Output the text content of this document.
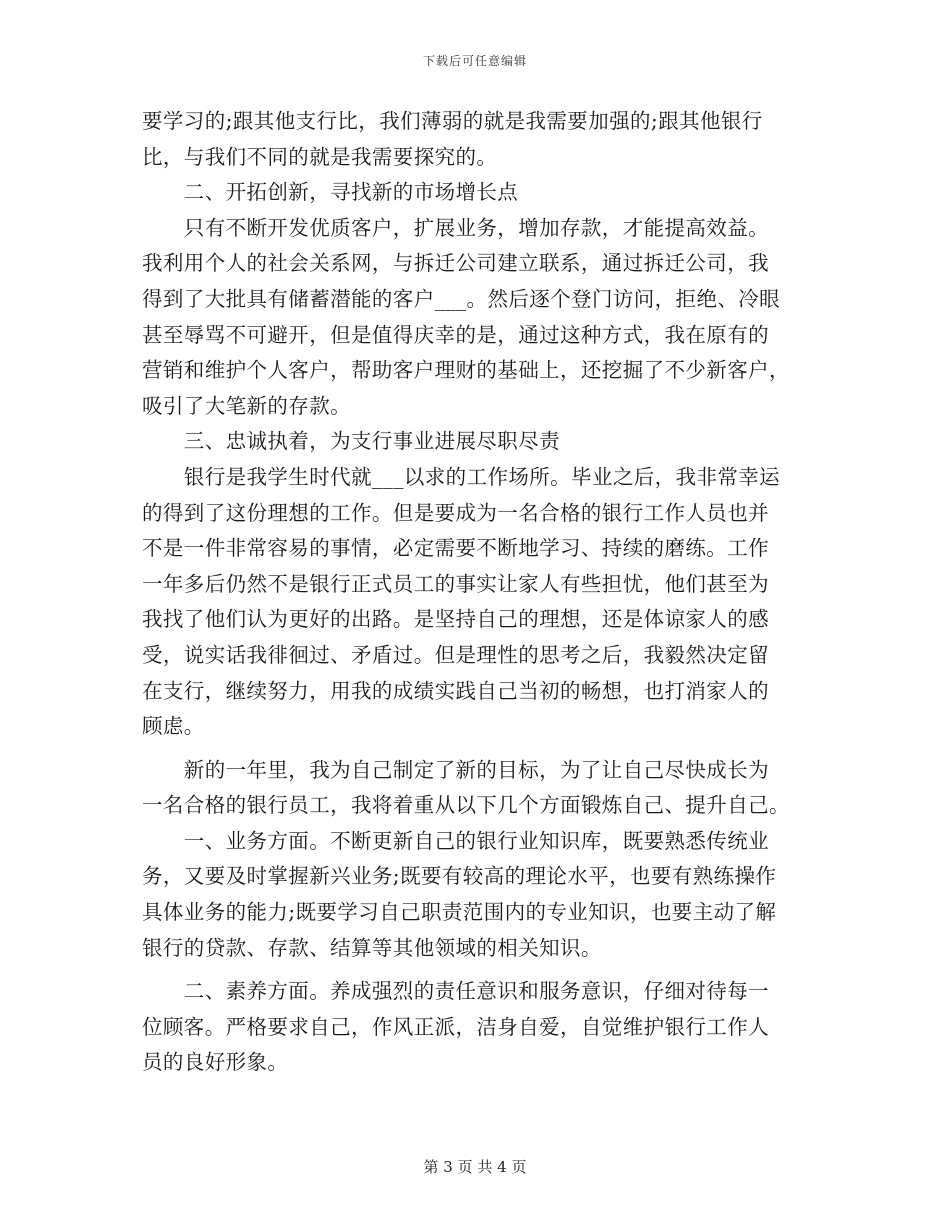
下载后可任意编辑
要学习的;跟其他支行比，我们薄弱的就是我需要加强的;跟其他银行
比，与我们不同的就是我需要探究的。
　　二、开拓创新，寻找新的市场增长点
　　只有不断开发优质客户，扩展业务，增加存款，才能提高效益。
我利用个人的社会关系网，与拆迁公司建立联系，通过拆迁公司，我
得到了大批具有储蓄潜能的客户___。然后逐个登门访问，拒绝、冷眼
甚至辱骂不可避开，但是值得庆幸的是，通过这种方式，我在原有的
营销和维护个人客户，帮助客户理财的基础上，还挖掘了不少新客户，
吸引了大笔新的存款。
　　三、忠诚执着，为支行事业进展尽职尽责
　　银行是我学生时代就___以求的工作场所。毕业之后，我非常幸运
的得到了这份理想的工作。但是要成为一名合格的银行工作人员也并
不是一件非常容易的事情，必定需要不断地学习、持续的磨练。工作
一年多后仍然不是银行正式员工的事实让家人有些担忧，他们甚至为
我找了他们认为更好的出路。是坚持自己的理想，还是体谅家人的感
受，说实话我徘徊过、矛盾过。但是理性的思考之后，我毅然决定留
在支行，继续努力，用我的成绩实践自己当初的畅想，也打消家人的
顾虑。
　　新的一年里，我为自己制定了新的目标，为了让自己尽快成长为
一名合格的银行员工，我将着重从以下几个方面锻炼自己、提升自己。
　　一、业务方面。不断更新自己的银行业知识库，既要熟悉传统业
务，又要及时掌握新兴业务;既要有较高的理论水平，也要有熟练操作
具体业务的能力;既要学习自己职责范围内的专业知识，也要主动了解
银行的贷款、存款、结算等其他领域的相关知识。
　　二、素养方面。养成强烈的责任意识和服务意识，仔细对待每一
位顾客。严格要求自己，作风正派，洁身自爱，自觉维护银行工作人
员的良好形象。
第 3 页 共 4 页
